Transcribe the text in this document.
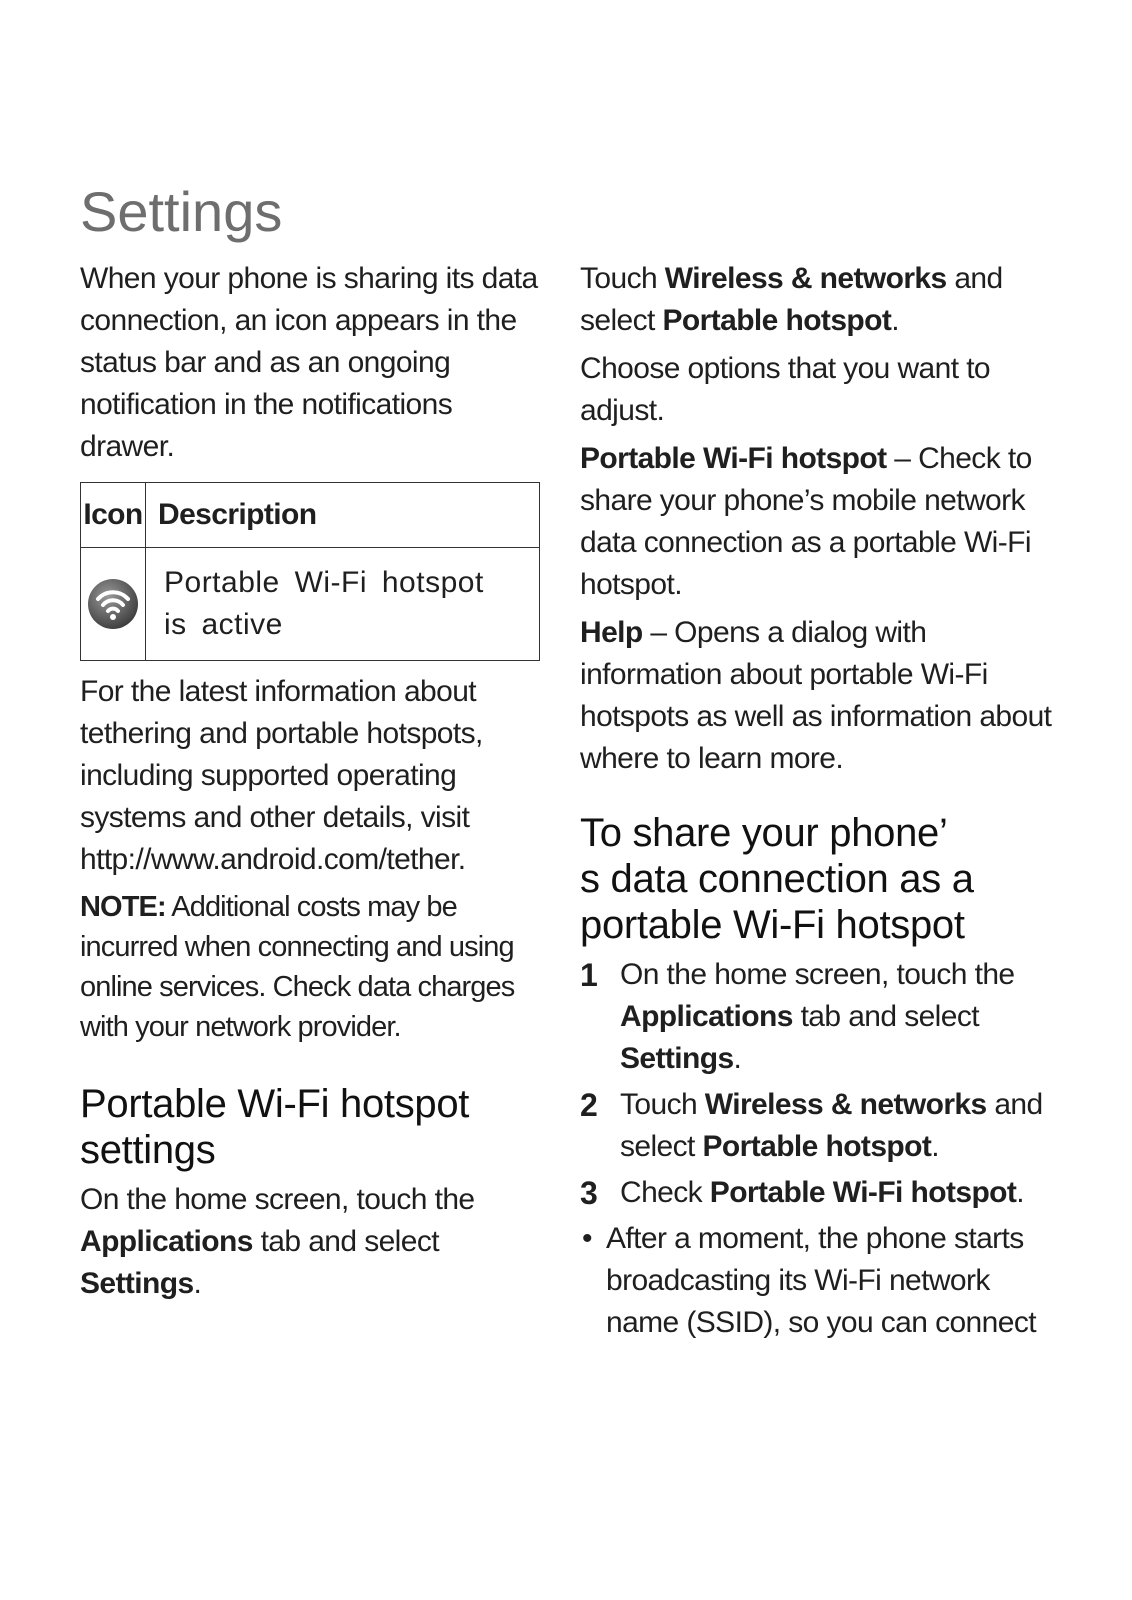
Settings

When your phone is sharing its data connection, an icon appears in the status bar and as an ongoing notification in the notifications drawer.

Icon	Description
	Portable Wi-Fi hotspot is active

For the latest information about tethering and portable hotspots, including supported operating systems and other details, visit http://www.android.com/tether.

NOTE: Additional costs may be incurred when connecting and using online services. Check data charges with your network provider.

Portable Wi-Fi hotspot settings

On the home screen, touch the Applications tab and select Settings.

Touch Wireless & networks and select Portable hotspot.

Choose options that you want to adjust.

Portable Wi-Fi hotspot – Check to share your phone’s mobile network data connection as a portable Wi-Fi hotspot.

Help – Opens a dialog with information about portable Wi-Fi hotspots as well as information about where to learn more.

To share your phone’
s data connection as a
portable Wi-Fi hotspot
1 On the home screen, touch the Applications tab and select Settings.
2 Touch Wireless & networks and select Portable hotspot.
3 Check Portable Wi-Fi hotspot.
• After a moment, the phone starts broadcasting its Wi-Fi network name (SSID), so you can connect
